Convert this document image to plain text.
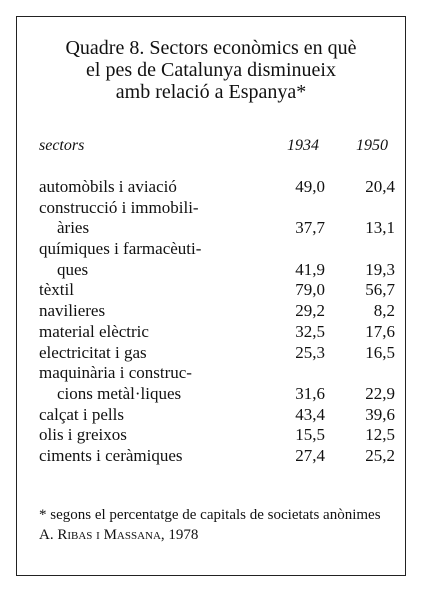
Quadre 8. Sectors econòmics en què
el pes de Catalunya disminueix
amb relació a Espanya*
sectors	1934 1950
automòbils i aviació	49,0	20,4
construcció i immobili-
àries	37,7	13,1
químiques i farmacèuti-
ques	41,9	19,3
tèxtil	79,0	56,7
navilieres	29,2	8,2
material elèctric	32,5	17,6
electricitat i gas	25,3	16,5
maquinària i construc-
cions metàl·liques	31,6	22,9
calçat i pells	43,4	39,6
olis i greixos	15,5	12,5
ciments i ceràmiques	27,4	25,2
* segons el percentatge de capitals de societats anònimes
A. Ribas i Massana, 1978
